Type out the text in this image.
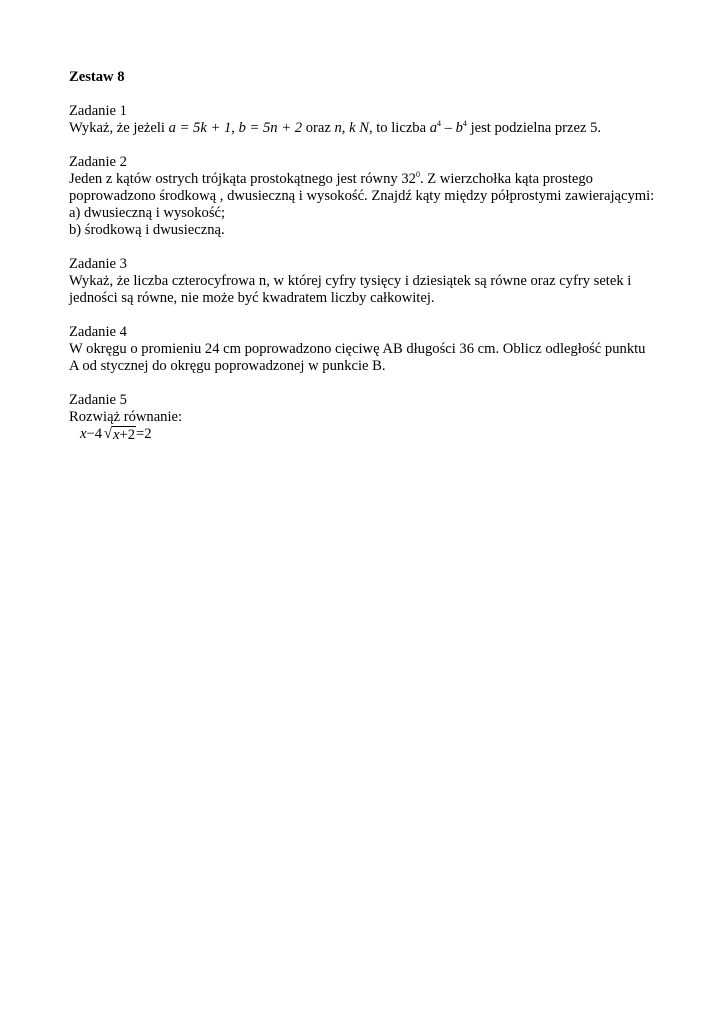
Zestaw 8
Zadanie 1
Wykaż, że jeżeli a = 5k + 1, b = 5n + 2 oraz n, k N, to liczba $a^4 - b^4$ jest podzielna przez 5.
Zadanie 2
Jeden z kątów ostrych trójkąta prostokątnego jest równy $32^0$. Z wierzchołka kąta prostego
poprowadzono środkową , dwusieczną i wysokość. Znajdź kąty między półprostymi zawierającymi:
a) dwusieczną i wysokość;
b) środkową i dwusieczną.
Zadanie 3
Wykaż, że liczba czterocyfrowa n, w której cyfry tysięcy i dziesiątek są równe oraz cyfry setek i
jedności są równe, nie może być kwadratem liczby całkowitej.
Zadanie 4
W okręgu o promieniu 24 cm poprowadzono cięciwę AB długości 36 cm. Oblicz odległość punktu
A od stycznej do okręgu poprowadzonej w punkcie B.
Zadanie 5
Rozwiąż równanie:
x−4 √ x+2 =2
